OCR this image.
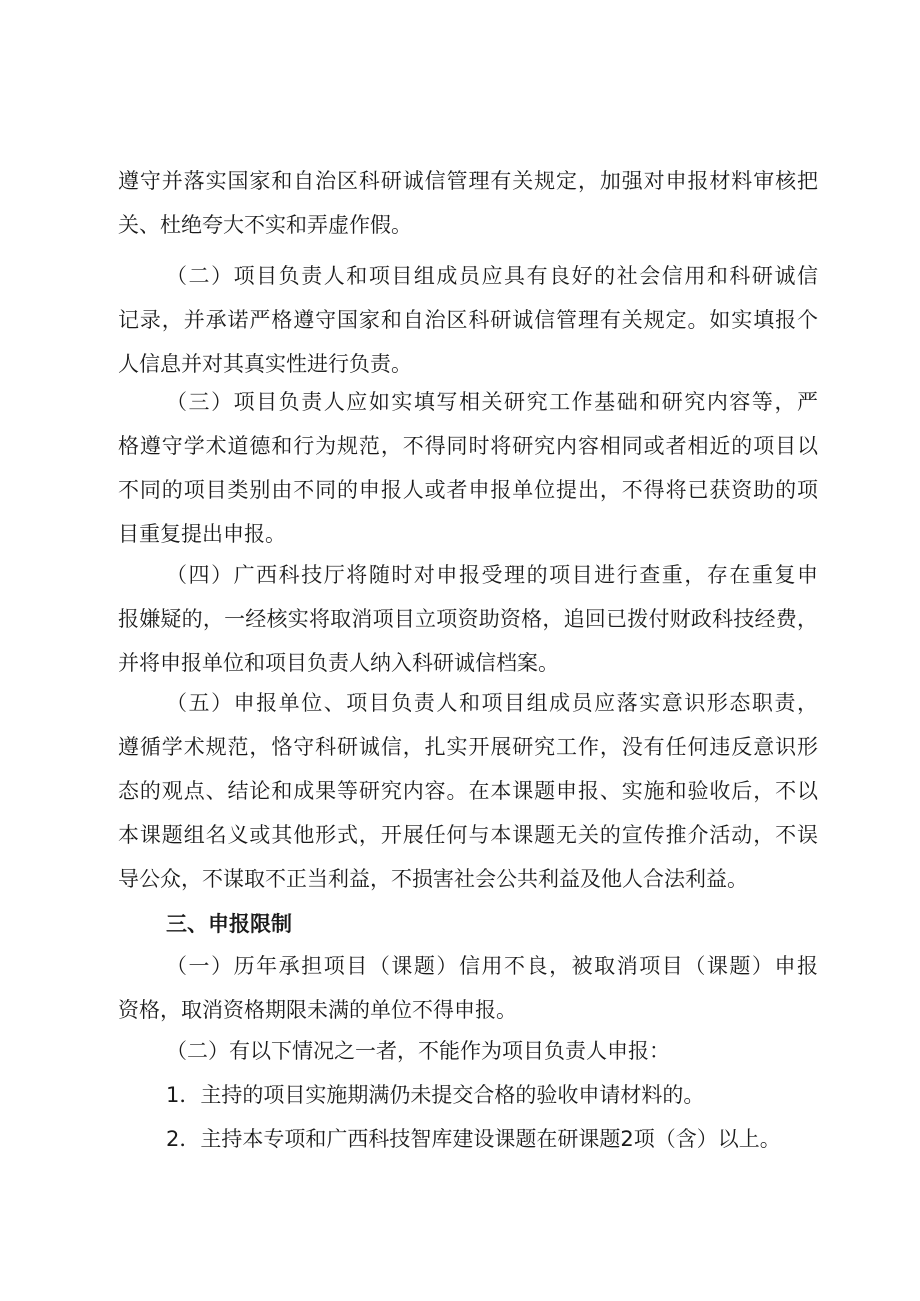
遵守并落实国家和自治区科研诚信管理有关规定，加强对申报材料审核把
关、杜绝夸大不实和弄虚作假。
（二）项目负责人和项目组成员应具有良好的社会信用和科研诚信
记录，并承诺严格遵守国家和自治区科研诚信管理有关规定。如实填报个
人信息并对其真实性进行负责。
（三）项目负责人应如实填写相关研究工作基础和研究内容等，严
格遵守学术道德和行为规范，不得同时将研究内容相同或者相近的项目以
不同的项目类别由不同的申报人或者申报单位提出，不得将已获资助的项
目重复提出申报。
（四）广西科技厅将随时对申报受理的项目进行查重，存在重复申
报嫌疑的，一经核实将取消项目立项资助资格，追回已拨付财政科技经费，
并将申报单位和项目负责人纳入科研诚信档案。
（五）申报单位、项目负责人和项目组成员应落实意识形态职责，
遵循学术规范，恪守科研诚信，扎实开展研究工作，没有任何违反意识形
态的观点、结论和成果等研究内容。在本课题申报、实施和验收后，不以
本课题组名义或其他形式，开展任何与本课题无关的宣传推介活动，不误
导公众，不谋取不正当利益，不损害社会公共利益及他人合法利益。
三、申报限制
（一）历年承担项目（课题）信用不良，被取消项目（课题）申报
资格，取消资格期限未满的单位不得申报。
（二）有以下情况之一者，不能作为项目负责人申报：
1．主持的项目实施期满仍未提交合格的验收申请材料的。
2．主持本专项和广西科技智库建设课题在研课题2项（含）以上。
